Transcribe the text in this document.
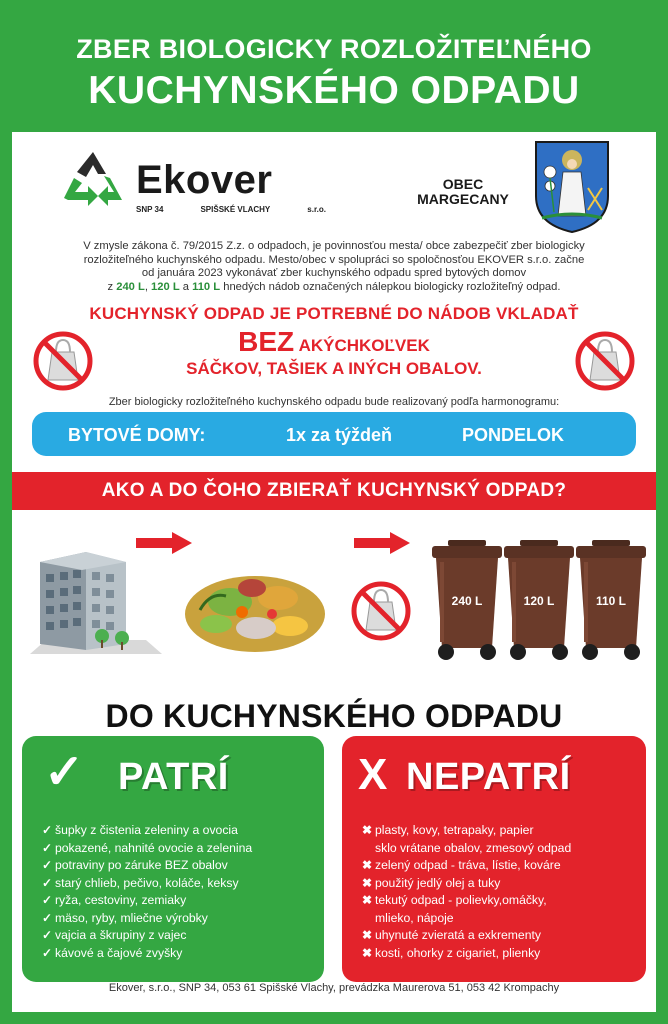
ZBER BIOLOGICKY ROZLOŽITEĽNÉHO
KUCHYNSKÉHO ODPADU
Ekover
SNP 34	SPIŠSKÉ VLACHY	s.r.o.
OBEC
MARGECANY
V zmysle zákona č. 79/2015 Z.z. o odpadoch, je povinnosťou mesta/ obce zabezpečiť zber biologicky
rozložiteľného kuchynského odpadu. Mesto/obec v spolupráci so spoločnosťou EKOVER s.r.o. začne
od januára 2023 vykonávať zber kuchynského odpadu spred bytových domov
z 240 L, 120 L a 110 L hnedých nádob označených nálepkou biologicky rozložiteľný odpad.
KUCHYNSKÝ ODPAD JE POTREBNÉ DO NÁDOB VKLADAŤ
BEZ AKÝCHKOĽVEK
SÁČKOV, TAŠIEK A INÝCH OBALOV.
Zber biologicky rozložiteľného kuchynského odpadu bude realizovaný podľa harmonogramu:
BYTOVÉ DOMY:	1x za týždeň	PONDELOK
AKO A DO ČOHO ZBIERAŤ KUCHYNSKÝ ODPAD?
240 L	120 L	110 L
DO KUCHYNSKÉHO ODPADU
✓ PATRÍ
✓ šupky z čistenia zeleniny a ovocia
✓ pokazené, nahnité ovocie a zelenina
✓ potraviny po záruke BEZ obalov
✓ starý chlieb, pečivo, koláče, keksy
✓ ryža, cestoviny, zemiaky
✓ mäso, ryby, mliečne výrobky
✓ vajcia a škrupiny z vajec
✓ kávové a čajové zvyšky
X NEPATRÍ
✖ plasty, kovy, tetrapaky, papier
sklo vrátane obalov, zmesový odpad
✖ zelený odpad - tráva, lístie, kováre
✖ použitý jedlý olej a tuky
✖ tekutý odpad - polievky,omáčky,
mlieko, nápoje
✖ uhynuté zvieratá a exkrementy
✖ kosti, ohorky z cigariet, plienky
Ekover, s.r.o., SNP 34, 053 61 Spišské Vlachy, prevádzka Maurerova 51, 053 42 Krompachy
